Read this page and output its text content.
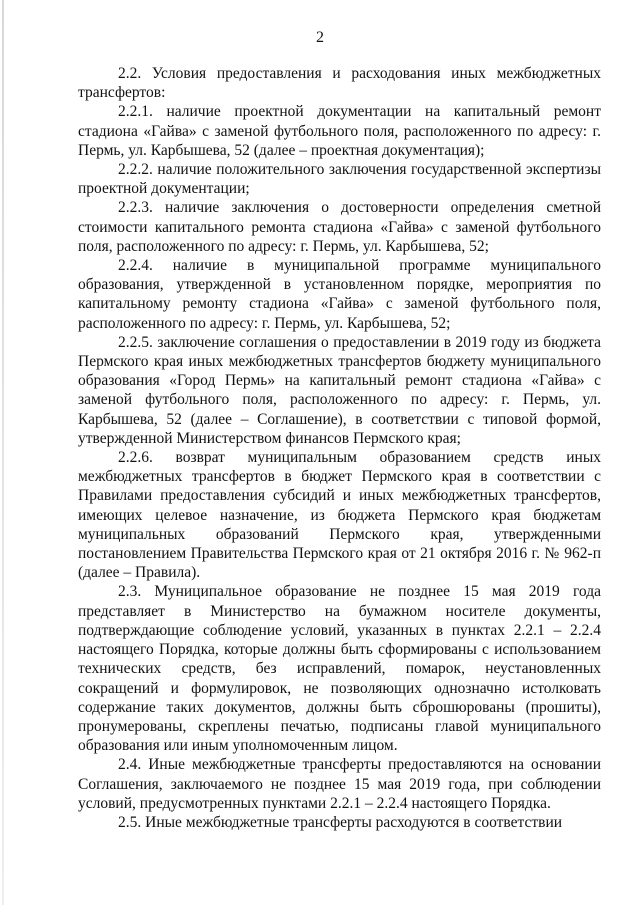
2

2.2. Условия предоставления и расходования иных межбюджетных трансфертов:

2.2.1. наличие проектной документации на капитальный ремонт стадиона «Гайва» с заменой футбольного поля, расположенного по адресу: г. Пермь, ул. Карбышева, 52 (далее – проектная документация);

2.2.2. наличие положительного заключения государственной экспертизы проектной документации;

2.2.3. наличие заключения о достоверности определения сметной стоимости капитального ремонта стадиона «Гайва» с заменой футбольного поля, расположенного по адресу: г. Пермь, ул. Карбышева, 52;

2.2.4. наличие в муниципальной программе муниципального образования, утвержденной в установленном порядке, мероприятия по капитальному ремонту стадиона «Гайва» с заменой футбольного поля, расположенного по адресу: г. Пермь, ул. Карбышева, 52;

2.2.5. заключение соглашения о предоставлении в 2019 году из бюджета Пермского края иных межбюджетных трансфертов бюджету муниципального образования «Город Пермь» на капитальный ремонт стадиона «Гайва» с заменой футбольного поля, расположенного по адресу: г. Пермь, ул. Карбышева, 52 (далее – Соглашение), в соответствии с типовой формой, утвержденной Министерством финансов Пермского края;

2.2.6. возврат муниципальным образованием средств иных межбюджетных трансфертов в бюджет Пермского края в соответствии с Правилами предоставления субсидий и иных межбюджетных трансфертов, имеющих целевое назначение, из бюджета Пермского края бюджетам муниципальных образований Пермского края, утвержденными постановлением Правительства Пермского края от 21 октября 2016 г. № 962-п (далее – Правила).

2.3. Муниципальное образование не позднее 15 мая 2019 года представляет в Министерство на бумажном носителе документы, подтверждающие соблюдение условий, указанных в пунктах 2.2.1 – 2.2.4 настоящего Порядка, которые должны быть сформированы с использованием технических средств, без исправлений, помарок, неустановленных сокращений и формулировок, не позволяющих однозначно истолковать содержание таких документов, должны быть сброшюрованы (прошиты), пронумерованы, скреплены печатью, подписаны главой муниципального образования или иным уполномоченным лицом.

2.4. Иные межбюджетные трансферты предоставляются на основании Соглашения, заключаемого не позднее 15 мая 2019 года, при соблюдении условий, предусмотренных пунктами 2.2.1 – 2.2.4 настоящего Порядка.

2.5. Иные межбюджетные трансферты расходуются в соответствии
